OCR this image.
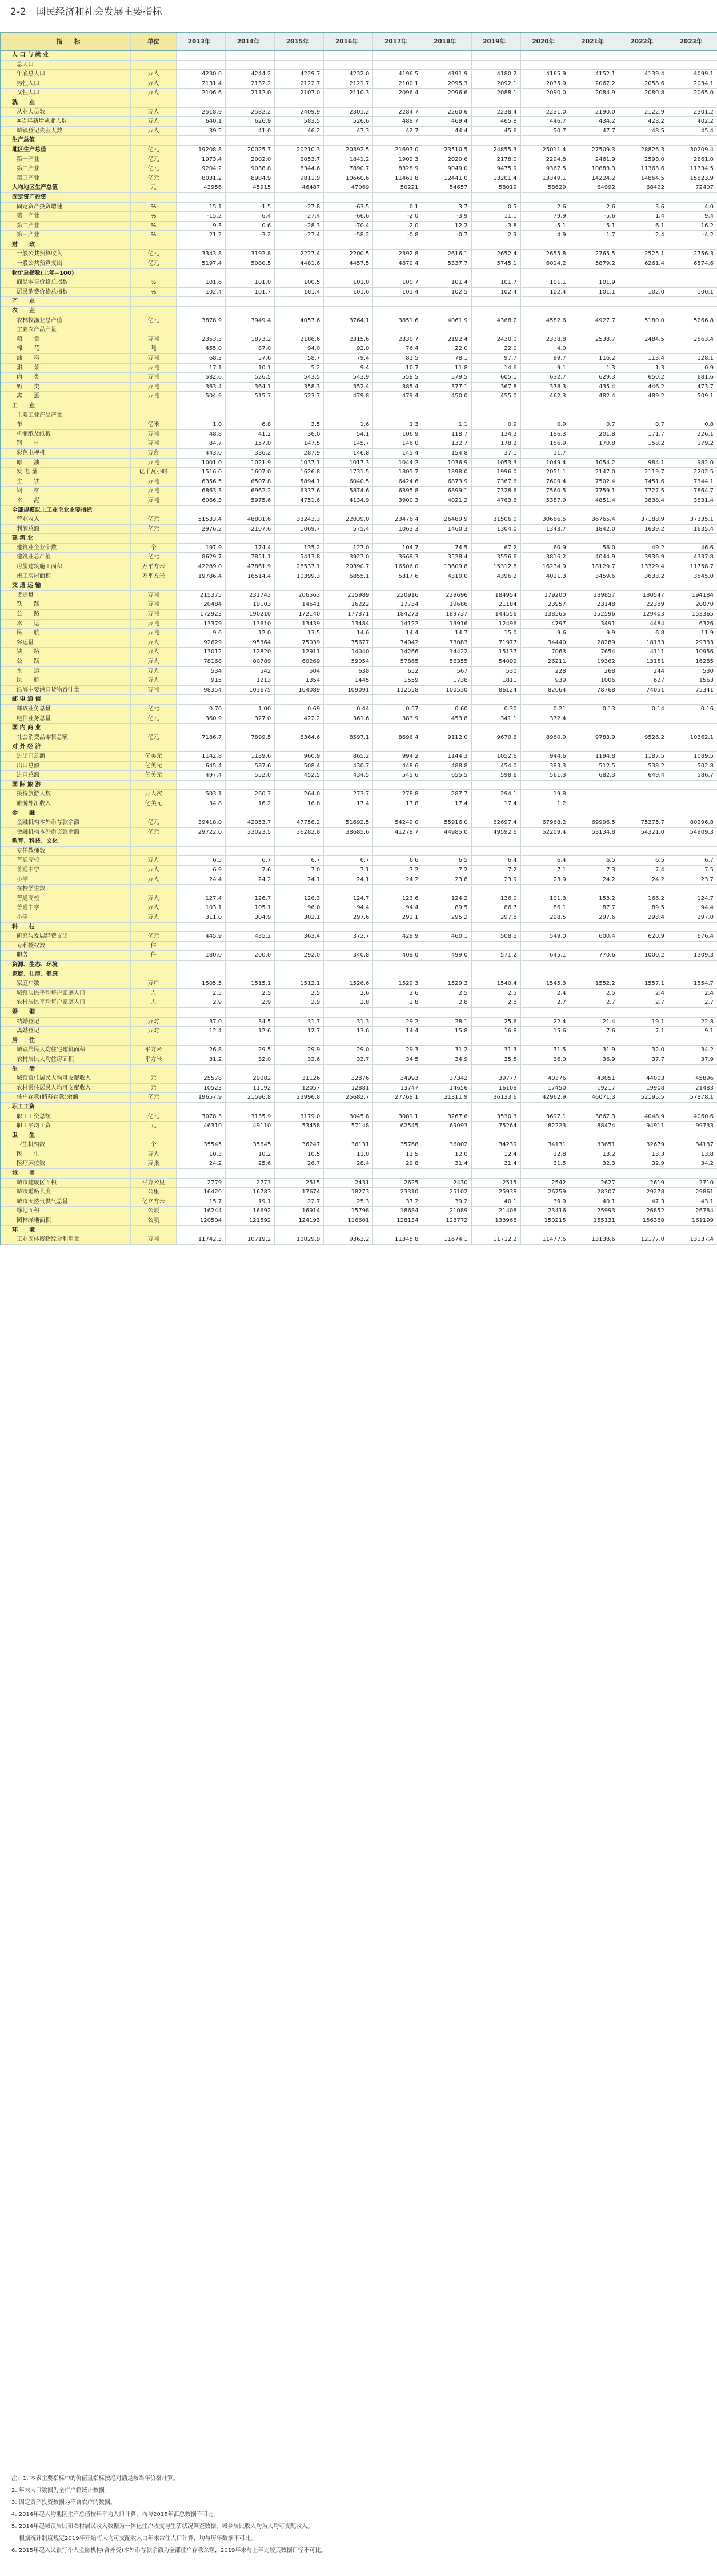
2-2　国民经济和社会发展主要指标
指　　标	单位	2013年	2014年	2015年	2016年	2017年	2018年	2019年	2020年	2021年	2022年	2023年
人 口 与 就 业
总人口
年底总人口	万人	4230.0	4244.2	4229.7	4232.0	4196.5	4191.9	4180.2	4165.9	4152.1	4139.4	4099.1
男性人口	万人	2131.4	2132.2	2122.7	2121.7	2100.1	2095.3	2092.1	2075.9	2067.2	2058.6	2034.1
女性人口	万人	2106.6	2112.0	2107.0	2110.3	2096.4	2096.6	2088.1	2090.0	2084.9	2080.8	2065.0
就　　业
从业人员数	万人	2518.9	2582.2	2409.9	2301.2	2284.7	2260.6	2238.4	2231.0	2190.0	2122.9	2301.2
#当年新增从业人数	万人	640.1	626.9	583.5	526.6	488.7	469.4	465.8	446.7	434.2	423.2	402.2
城镇登记失业人数	万人	39.5	41.0	46.2	47.3	42.7	44.4	45.6	50.7	47.7	48.5	45.4
生产总值
地区生产总值	亿元	19208.8	20025.7	20210.3	20392.5	21693.0	23510.5	24855.3	25011.4	27509.3	28826.3	30209.4
第一产业	亿元	1973.4	2002.0	2053.7	1841.2	1902.3	2020.6	2178.0	2294.8	2461.9	2598.0	2661.0
第二产业	亿元	9204.2	9038.8	8344.6	7890.7	8328.9	9049.0	9475.9	9367.5	10883.3	11363.6	11734.5
第三产业	亿元	8031.2	8984.9	9811.9	10660.6	11461.8	12441.0	13201.4	13349.1	14224.2	14864.5	15823.9
人均地区生产总值	元	43956	45915	46487	47069	50221	54657	58019	58629	64992	68422	72407
固定资产投资
固定资产投资增速	%	15.1	-1.5	-27.8	-63.5	0.1	3.7	0.5	2.6	2.6	3.6	4.0
第一产业	%	-15.2	6.4	-27.4	-66.6	-2.0	-3.9	11.1	79.9	-5.6	1.4	9.4
第二产业	%	9.3	0.6	-28.3	-70.4	2.0	12.2	-3.8	-5.1	5.1	6.1	16.2
第三产业	%	21.2	-3.2	-27.4	-58.2	-0.8	-0.7	2.9	4.9	1.7	2.4	-4.2
财　　政
一般公共预算收入	亿元	3343.8	3192.8	2227.4	2200.5	2392.8	2616.1	2652.4	2655.8	2765.5	2525.1	2756.3
一般公共预算支出	亿元	5197.4	5080.5	4481.6	4457.5	4879.4	5337.7	5745.1	6014.2	5879.2	6261.4	6574.6
物价总指数(上年=100)
商品零售价格总指数	%	101.6	101.0	100.5	101.0	100.7	101.4	101.7	101.1	101.9
居民消费价格总指数	%	102.4	101.7	101.4	101.6	101.4	102.5	102.4	102.4	101.1	102.0	100.1
产　　业
农　　业
农林牧渔业总产值	亿元	3878.9	3949.4	4057.6	3764.1	3851.6	4061.9	4368.2	4582.6	4927.7	5180.0	5266.8
主要农产品产量
粮　　食	万吨	2353.3	1873.2	2186.6	2315.6	2330.7	2192.4	2430.0	2338.8	2538.7	2484.5	2563.4
棉　　花	吨	455.0	87.0	94.0	92.0	76.4	22.0	22.0	4.0
油　　料	万吨	68.3	57.6	58.7	79.4	81.5	78.1	97.7	99.7	116.2	113.4	128.1
甜　　菜	万吨	17.1	10.1	5.2	9.4	10.7	11.8	14.6	9.1	1.3	1.3	0.9
肉　　类	万吨	582.6	526.5	543.5	543.9	558.5	579.5	605.1	632.7	629.3	650.2	681.6
奶　　类	万吨	363.4	364.1	358.3	352.4	385.4	377.1	367.8	378.3	435.4	446.2	473.7
禽　　蛋	万吨	504.9	515.7	523.7	479.8	479.4	450.0	455.0	462.3	482.4	489.2	509.1
工　　业
主要工业产品产量
布	亿米	1.0	6.8	3.5	1.6	1.3	1.1	0.9	0.9	0.7	0.7	0.8
机制纸及纸板	万吨	48.8	41.2	36.0	54.1	106.9	118.7	134.2	186.3	201.8	171.7	226.1
钢　　材	万吨	84.7	157.0	147.5	145.7	146.0	132.7	178.2	156.9	170.8	158.2	179.2
彩色电视机	万台	443.0	336.2	287.9	146.8	145.4	154.8	37.1	11.7
原　　油	万吨	1001.0	1021.9	1037.1	1017.3	1044.2	1036.9	1053.3	1049.4	1054.2	984.1	982.0
发 电 量	亿千瓦小时	1516.0	1607.0	1626.8	1731.5	1805.7	1898.0	1996.0	2051.1	2147.0	2119.7	2202.5
生　　铁	万吨	6356.5	6507.8	5894.1	6040.5	6424.6	6873.9	7367.6	7609.4	7502.4	7451.6	7344.1
钢　　材	万吨	6863.3	6962.2	6337.6	5874.6	6395.8	6899.1	7328.6	7560.5	7759.1	7727.5	7864.7
水　　泥	万吨	6066.3	5975.6	4751.6	4134.9	3900.3	4021.2	4763.6	5387.9	4851.4	3838.4	3831.4
全部规模以上工业企业主要指标
营业收入	亿元	51533.4	48801.6	33243.3	22039.0	23476.4	26489.9	31506.0	30666.5	36765.4	37188.9	37335.1
利润总额	亿元	2976.2	2107.6	1069.7	575.4	1063.3	1460.3	1304.0	1343.7	1842.0	1639.2	1635.4
建 筑 业
建筑业企业个数	个	197.9	174.4	135.2	127.0	104.7	74.5	67.2	60.9	56.0	49.2	46.6
建筑业总产值	亿元	8629.7	7851.1	5413.8	3927.0	3668.3	3528.4	3556.6	3816.2	4044.9	3936.9	4337.8
房屋建筑施工面积	万平方米	42289.0	47861.9	28537.1	20390.7	16506.0	13609.8	15312.8	16234.9	18129.7	13329.4	11758.7
竣工房屋面积	万平方米	19786.4	16514.4	10399.3	6855.1	5317.6	4310.0	4396.2	4021.3	3459.6	3633.2	3545.0
交 通 运 输
货运量	万吨	215375	231743	206563	215989	220916	229696	184954	179200	189857	180547	194184
铁　　路	万吨	20484	19103	14541	16222	17734	19686	21184	23957	23148	22389	20070
公　　路	万吨	172923	190210	172140	177371	184273	189737	144556	138565	152596	129403	153365
水　　运	万吨	13379	13610	13439	13484	14122	13916	12496	4797	3491	4484	6326
民　　航	万吨	9.6	12.0	13.5	14.6	14.4	14.7	15.0	9.6	9.9	6.8	11.9
客运量	万人	92629	95364	75039	75677	74042	73083	71977	34440	28289	18133	29333
铁　　路	万人	13012	12820	12911	14040	14266	14422	15137	7063	7654	4111	10956
公　　路	万人	78168	80789	60269	59054	57865	56355	54099	26211	19362	13151	16285
水　　运	万人	534	542	504	638	652	567	530	228	268	244	530
民　　航	万人	915	1213	1354	1445	1559	1738	1811	939	1006	627	1563
沿海主要港口货物吞吐量	万吨	98354	103675	104089	109091	112558	100530	86124	82064	78768	74051	75341
邮 电 通 信
邮政业务总量	亿元	0.70	1.00	0.69	0.44	0.57	0.60	0.30	0.21	0.13	0.14	0.16
电信业务总量	亿元	360.9	327.0	422.2	361.6	383.9	453.8	341.1	372.4
国 内 商 业
社会消费品零售总额	亿元	7186.7	7899.5	8364.6	8597.1	8696.4	9112.0	9670.6	8960.9	9783.9	9526.2	10362.1
对 外 经 济
进出口总额	亿美元	1142.8	1139.6	960.9	865.2	994.2	1144.3	1052.6	944.6	1194.8	1187.5	1089.5
出口总额	亿美元	645.4	587.6	508.4	430.7	448.6	488.8	454.0	383.3	512.5	538.2	502.8
进口总额	亿美元	497.4	552.0	452.5	434.5	545.6	655.5	598.6	561.3	682.3	649.4	586.7
国 际 旅 游
接待旅游人数	万人次	503.1	260.7	264.0	273.7	278.8	287.7	294.1	19.8
旅游外汇收入	亿美元	34.8	16.2	16.8	17.4	17.8	17.4	17.4	1.2
金　　融
金融机构本外币存款余额	亿元	39418.0	42053.7	47758.2	51692.5	54249.0	55916.0	62697.4	67968.2	69996.5	75375.7	80296.8
金融机构本外币贷款余额	亿元	29722.0	33023.5	36282.8	38685.6	41278.7	44985.0	49592.6	52209.4	53134.8	54321.0	54909.3
教育、科技、文化
专任教师数
普通高校	万人	6.5	6.7	6.7	6.7	6.6	6.5	6.4	6.4	6.5	6.5	6.7
普通中学	万人	6.9	7.6	7.0	7.1	7.2	7.2	7.2	7.1	7.3	7.4	7.5
小学	万人	24.4	24.2	24.1	24.1	24.2	23.8	23.9	23.9	24.2	24.2	23.7
在校学生数
普通高校	万人	127.4	126.7	126.3	124.7	123.6	124.2	136.0	101.3	153.2	166.2	124.7
普通中学	万人	103.1	105.1	96.0	94.4	94.4	89.5	86.7	86.1	87.7	89.5	94.4
小学	万人	311.0	304.9	302.1	297.6	292.1	295.2	297.8	298.5	297.6	293.4	297.0
科　　技
研究与发展经费支出	亿元	445.9	435.2	363.4	372.7	429.9	460.1	508.5	549.0	600.4	620.9	676.4
专利授权数	件
职务	件	180.0	200.0	292.0	340.8	409.0	499.0	571.2	645.1	770.6	1000.2	1309.3
资源、生态、环境
家庭、住房、健康
家庭户数	万户	1505.5	1515.1	1512.1	1526.6	1529.3	1529.3	1540.4	1545.3	1552.2	1557.1	1554.7
城镇居民平均每户家庭人口	人	2.5	2.5	2.5	2.6	2.6	2.5	2.5	2.4	2.5	2.4	2.4
农村居民平均每户家庭人口	人	2.9	2.9	2.9	2.8	2.8	2.8	2.8	2.7	2.7	2.7	2.7
婚　　姻
结婚登记	万对	37.0	34.5	31.7	31.3	29.2	28.1	25.6	22.4	21.4	19.1	22.8
离婚登记	万对	12.4	12.6	12.7	13.6	14.4	15.8	16.8	15.6	7.6	7.1	9.1
居　　住
城镇居民人均住宅建筑面积	平方米	26.8	29.5	29.9	29.0	29.3	31.2	31.3	31.5	31.9	32.0	34.2
农村居民人均住房面积	平方米	31.2	32.0	32.6	33.7	34.5	34.9	35.5	36.0	36.9	37.7	37.9
生　　活
城镇常住居民人均可支配收入	元	25578	29082	31126	32876	34993	37342	39777	40376	43051	44003	45896
农村常住居民人均可支配收入	元	10523	11192	12057	12881	13747	14656	16108	17450	19217	19908	21483
住户存款(储蓄存款)余额	亿元	19657.9	21596.8	23996.8	25682.7	27768.1	31311.9	36133.6	42962.9	46071.3	52195.5	57878.1
职工工资
职工工资总额	亿元	3078.3	3135.9	3179.0	3045.8	3081.1	3267.6	3530.3	3697.1	3867.3	4048.9	4060.6
职工平均工资	元	46310	49110	53458	57148	62545	69093	75264	82223	88474	94911	99733
卫　　生
卫生机构数	个	35545	35645	36247	36131	35768	36002	34239	34131	33651	32679	34137
医　　生	万人	10.3	10.2	10.5	11.0	11.5	12.0	12.4	12.8	13.2	13.3	13.8
医疗床位数	万张	24.2	25.6	26.7	28.4	29.8	31.4	31.4	31.5	32.3	32.9	34.2
城　　市
城市建成区面积	平方公里	2779	2773	2515	2431	2625	2430	2515	2542	2627	2619	2710
城市道路长度	公里	16420	16783	17674	18273	23310	25102	25938	26759	28307	29278	29861
城市天然气供气总量	亿立方米	15.7	19.1	22.7	25.3	37.2	39.2	40.1	39.9	40.1	47.3	43.1
绿地面积	公顷	16244	16692	16914	15798	18684	21089	21408	23416	25993	26852	26784
园林绿地面积	公顷	120504	121592	124193	116601	128134	128772	133968	150215	155131	156388	161199
环　　境
工业固体废物综合利用量	万吨	11742.3	10719.2	10029.9	9363.2	11345.8	11674.1	11712.2	11477.6	13138.6	12177.0	13137.4
注：1. 本表主要指标中的价值量指标按绝对额是按当年价格计算。
2. 年末人口数据为全市户籍统计数据。
3. 固定资产投资数据为不含农户的数据。
4. 2014年起人均地区生产总值按年平均人口计算，均与2015年汇总数据不可比。
5. 2014年起城镇居民和农村居民收入数据为一体化住户收支与生活状况调查数据，城乡居民收入均为人均可支配收入。
　 根据统计制度规定2019年开始将人均可支配收入由年末常住人口计算，均与历年数据不可比。
6. 2015年起入民银行个人金融机构(含外资)本外币存款余额为全部住户存款余额，2019年末与上年比较其数据口径不可比。
